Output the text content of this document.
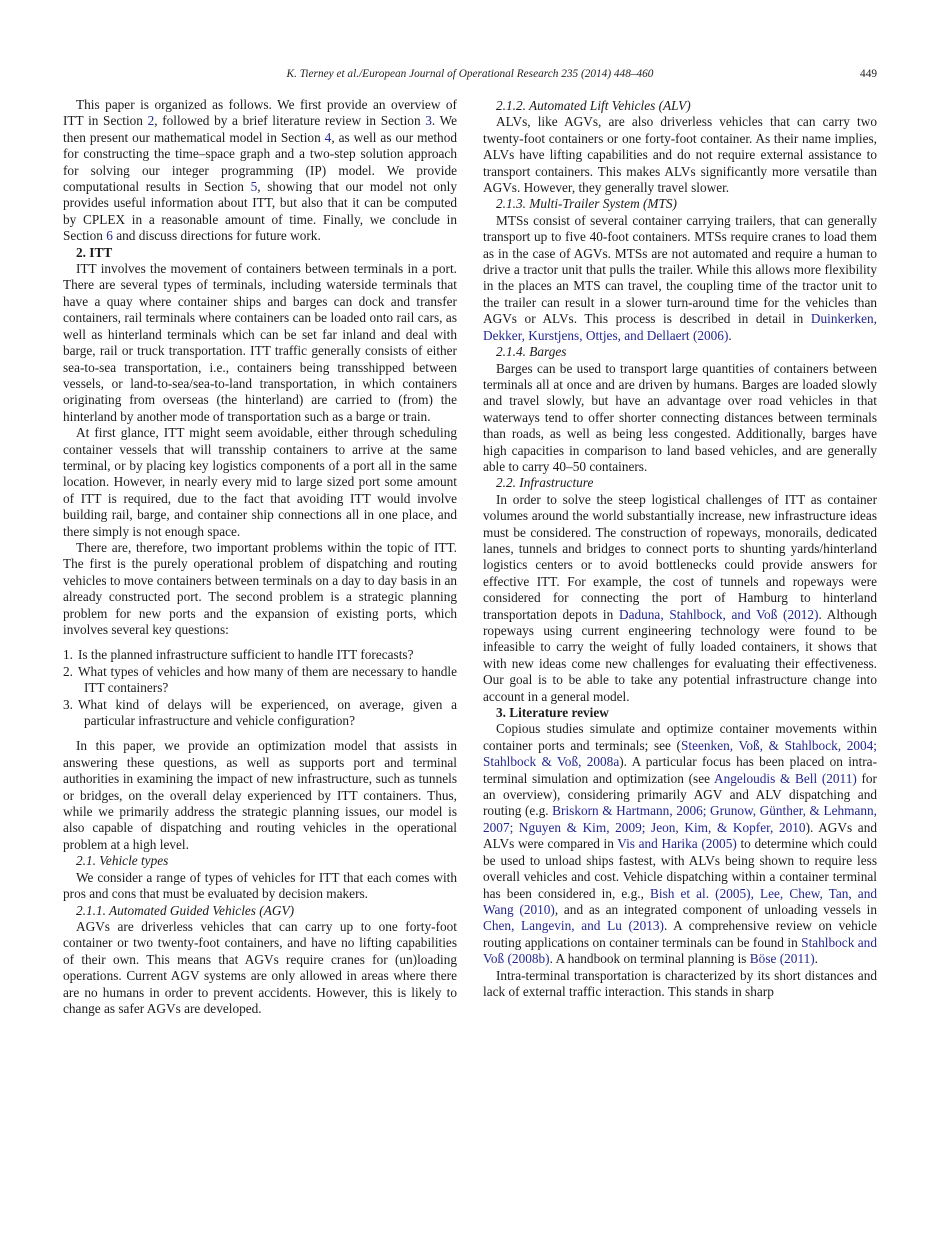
K. Tierney et al./European Journal of Operational Research 235 (2014) 448–460	449

This paper is organized as follows. We first provide an overview of ITT in Section 2, followed by a brief literature review in Section 3. We then present our mathematical model in Section 4, as well as our method for constructing the time–space graph and a two-step solution approach for solving our integer programming (IP) model. We provide computational results in Section 5, showing that our model not only provides useful information about ITT, but also that it can be computed by CPLEX in a reasonable amount of time. Finally, we conclude in Section 6 and discuss directions for future work.

2. ITT

ITT involves the movement of containers between terminals in a port. There are several types of terminals, including waterside terminals that have a quay where container ships and barges can dock and transfer containers, rail terminals where containers can be loaded onto rail cars, as well as hinterland terminals which can be set far inland and deal with barge, rail or truck transportation. ITT traffic generally consists of either sea-to-sea transportation, i.e., containers being transshipped between vessels, or land-to-sea/sea-to-land transportation, in which containers originating from overseas (the hinterland) are carried to (from) the hinterland by another mode of transportation such as a barge or train.

At first glance, ITT might seem avoidable, either through scheduling container vessels that will transship containers to arrive at the same terminal, or by placing key logistics components of a port all in the same location. However, in nearly every mid to large sized port some amount of ITT is required, due to the fact that avoiding ITT would involve building rail, barge, and container ship connections all in one place, and there simply is not enough space.

There are, therefore, two important problems within the topic of ITT. The first is the purely operational problem of dispatching and routing vehicles to move containers between terminals on a day to day basis in an already constructed port. The second problem is a strategic planning problem for new ports and the expansion of existing ports, which involves several key questions:

1. Is the planned infrastructure sufficient to handle ITT forecasts?
2. What types of vehicles and how many of them are necessary to handle ITT containers?
3. What kind of delays will be experienced, on average, given a particular infrastructure and vehicle configuration?

In this paper, we provide an optimization model that assists in answering these questions, as well as supports port and terminal authorities in examining the impact of new infrastructure, such as tunnels or bridges, on the overall delay experienced by ITT containers. Thus, while we primarily address the strategic planning issues, our model is also capable of dispatching and routing vehicles in the operational problem at a high level.

2.1. Vehicle types

We consider a range of types of vehicles for ITT that each comes with pros and cons that must be evaluated by decision makers.

2.1.1. Automated Guided Vehicles (AGV)

AGVs are driverless vehicles that can carry up to one forty-foot container or two twenty-foot containers, and have no lifting capabilities of their own. This means that AGVs require cranes for (un)loading operations. Current AGV systems are only allowed in areas where there are no humans in order to prevent accidents. However, this is likely to change as safer AGVs are developed.

2.1.2. Automated Lift Vehicles (ALV)

ALVs, like AGVs, are also driverless vehicles that can carry two twenty-foot containers or one forty-foot container. As their name implies, ALVs have lifting capabilities and do not require external assistance to transport containers. This makes ALVs significantly more versatile than AGVs. However, they generally travel slower.

2.1.3. Multi-Trailer System (MTS)

MTSs consist of several container carrying trailers, that can generally transport up to five 40-foot containers. MTSs require cranes to load them as in the case of AGVs. MTSs are not automated and require a human to drive a tractor unit that pulls the trailer. While this allows more flexibility in the places an MTS can travel, the coupling time of the tractor unit to the trailer can result in a slower turn-around time for the vehicles than AGVs or ALVs. This process is described in detail in Duinkerken, Dekker, Kurstjens, Ottjes, and Dellaert (2006).

2.1.4. Barges

Barges can be used to transport large quantities of containers between terminals all at once and are driven by humans. Barges are loaded slowly and travel slowly, but have an advantage over road vehicles in that waterways tend to offer shorter connecting distances between terminals than roads, as well as being less congested. Additionally, barges have high capacities in comparison to land based vehicles, and are generally able to carry 40–50 containers.

2.2. Infrastructure

In order to solve the steep logistical challenges of ITT as container volumes around the world substantially increase, new infrastructure ideas must be considered. The construction of ropeways, monorails, dedicated lanes, tunnels and bridges to connect ports to shunting yards/hinterland logistics centers or to avoid bottlenecks could provide answers for effective ITT. For example, the cost of tunnels and ropeways were considered for connecting the port of Hamburg to hinterland transportation depots in Daduna, Stahlbock, and Voß (2012). Although ropeways using current engineering technology were found to be infeasible to carry the weight of fully loaded containers, it shows that with new ideas come new challenges for evaluating their effectiveness. Our goal is to be able to take any potential infrastructure change into account in a general model.

3. Literature review

Copious studies simulate and optimize container movements within container ports and terminals; see (Steenken, Voß, & Stahlbock, 2004; Stahlbock & Voß, 2008a). A particular focus has been placed on intra-terminal simulation and optimization (see Angeloudis & Bell (2011) for an overview), considering primarily AGV and ALV dispatching and routing (e.g. Briskorn & Hartmann, 2006; Grunow, Günther, & Lehmann, 2007; Nguyen & Kim, 2009; Jeon, Kim, & Kopfer, 2010). AGVs and ALVs were compared in Vis and Harika (2005) to determine which could be used to unload ships fastest, with ALVs being shown to require less overall vehicles and cost. Vehicle dispatching within a container terminal has been considered in, e.g., Bish et al. (2005), Lee, Chew, Tan, and Wang (2010), and as an integrated component of unloading vessels in Chen, Langevin, and Lu (2013). A comprehensive review on vehicle routing applications on container terminals can be found in Stahlbock and Voß (2008b). A handbook on terminal planning is Böse (2011).

Intra-terminal transportation is characterized by its short distances and lack of external traffic interaction. This stands in sharp
